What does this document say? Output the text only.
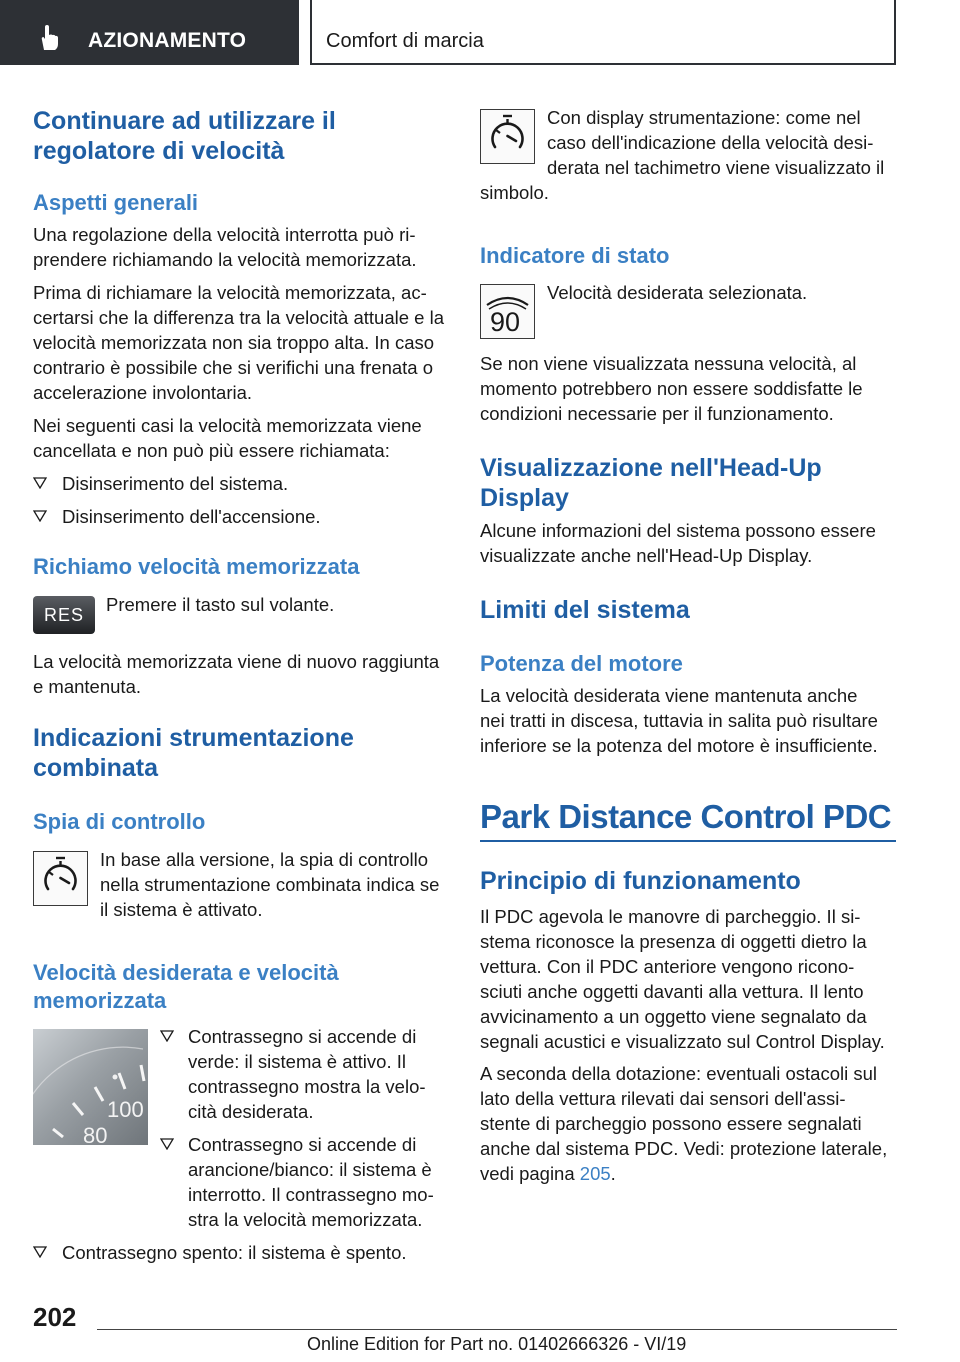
AZIONAMENTO	Comfort di marcia
Continuare ad utilizzare il
regolatore di velocità
Aspetti generali
Una regolazione della velocità interrotta può ri-
prendere richiamando la velocità memorizzata.
Prima di richiamare la velocità memorizzata, ac-
certarsi che la differenza tra la velocità attuale e la
velocità memorizzata non sia troppo alta. In caso
contrario è possibile che si verifichi una frenata o
accelerazione involontaria.
Nei seguenti casi la velocità memorizzata viene
cancellata e non può più essere richiamata:
Disinserimento del sistema.
Disinserimento dell'accensione.
Richiamo velocità memorizzata
RES Premere il tasto sul volante.
La velocità memorizzata viene di nuovo raggiunta
e mantenuta.
Indicazioni strumentazione
combinata
Spia di controllo
In base alla versione, la spia di controllo
nella strumentazione combinata indica se
il sistema è attivato.
Velocità desiderata e velocità
memorizzata
100
80
Contrassegno si accende di
verde: il sistema è attivo. Il
contrassegno mostra la velo-
cità desiderata.
Contrassegno si accende di
arancione/bianco: il sistema è
interrotto. Il contrassegno mo-
stra la velocità memorizzata.
Contrassegno spento: il sistema è spento.
Con display strumentazione: come nel
caso dell'indicazione della velocità desi-
derata nel tachimetro viene visualizzato il
simbolo.
Indicatore di stato
90
Velocità desiderata selezionata.
Se non viene visualizzata nessuna velocità, al
momento potrebbero non essere soddisfatte le
condizioni necessarie per il funzionamento.
Visualizzazione nell'Head-Up
Display
Alcune informazioni del sistema possono essere
visualizzate anche nell'Head-Up Display.
Limiti del sistema
Potenza del motore
La velocità desiderata viene mantenuta anche
nei tratti in discesa, tuttavia in salita può risultare
inferiore se la potenza del motore è insufficiente.
Park Distance Control PDC
Principio di funzionamento
Il PDC agevola le manovre di parcheggio. Il si-
stema riconosce la presenza di oggetti dietro la
vettura. Con il PDC anteriore vengono ricono-
sciuti anche oggetti davanti alla vettura. Il lento
avvicinamento a un oggetto viene segnalato da
segnali acustici e visualizzato sul Control Display.
A seconda della dotazione: eventuali ostacoli sul
lato della vettura rilevati dai sensori dell'assi-
stente di parcheggio possono essere segnalati
anche dal sistema PDC. Vedi: protezione laterale,
vedi pagina 205.
202
Online Edition for Part no. 01402666326 - VI/19
